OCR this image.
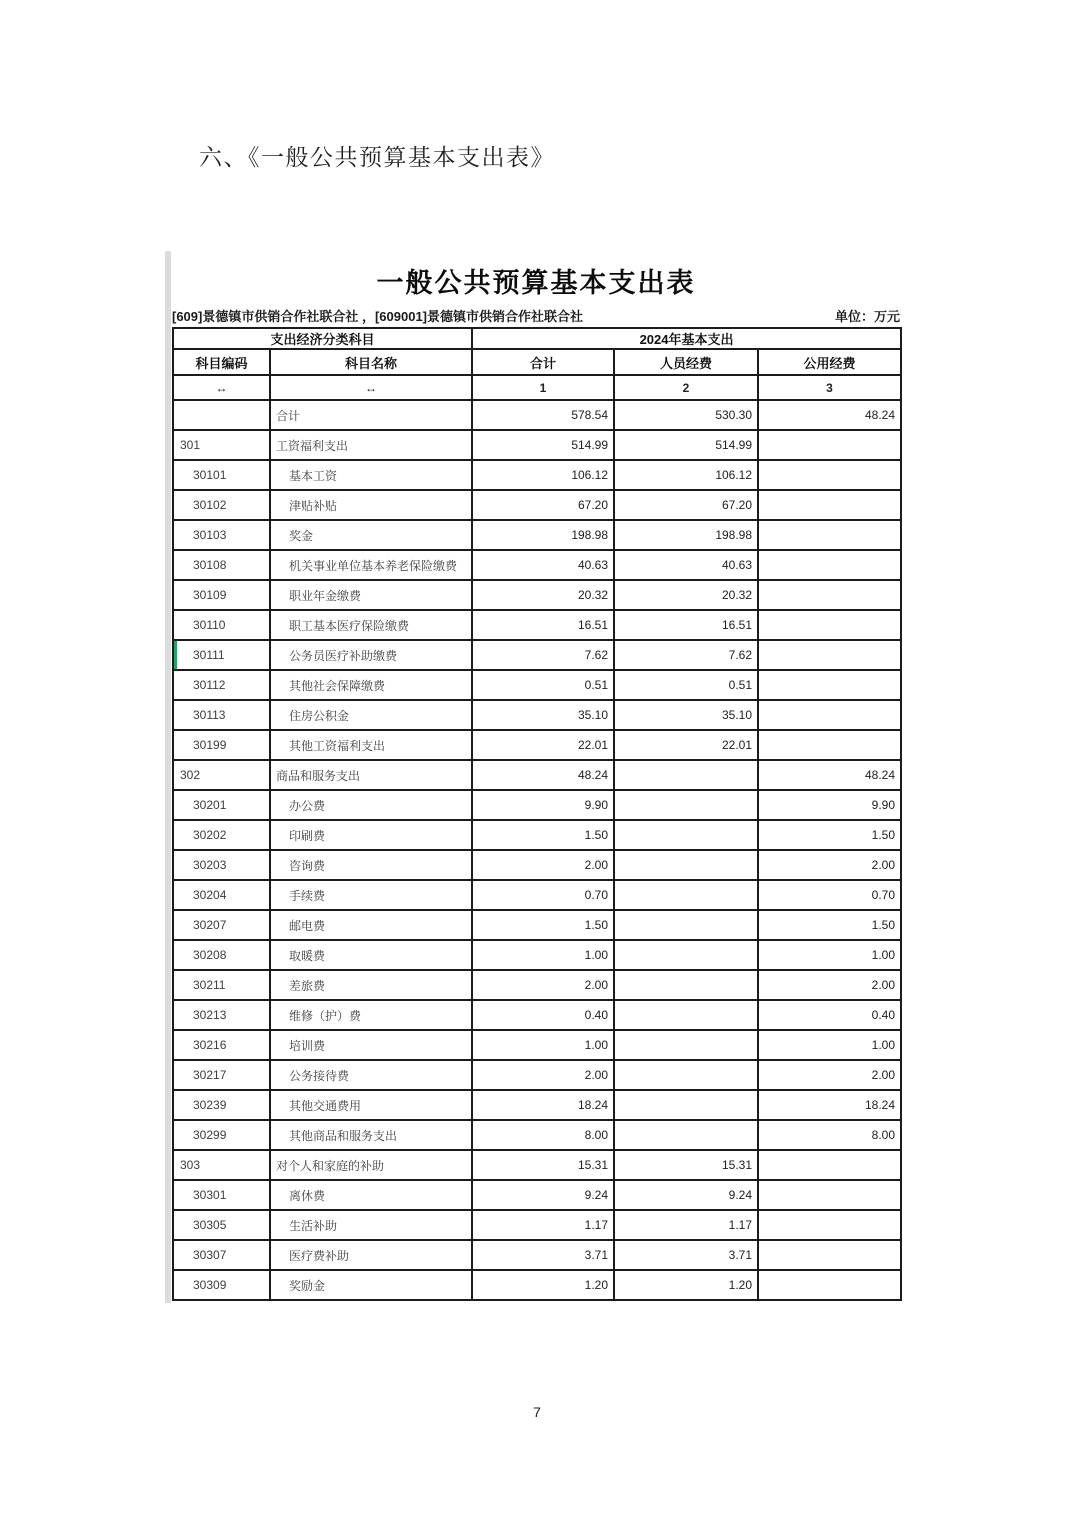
六、《一般公共预算基本支出表》
一般公共预算基本支出表
[609]景德镇市供销合作社联合社 ，[609001]景德镇市供销合作社联合社	单位：万元
支出经济分类科目		2024年基本支出		
科目编码	科目名称	合计	人员经费	公用经费
↔	↔	1	2	3
	合计	578.54	530.30	48.24
301	工资福利支出	514.99	514.99	
30101	基本工资	106.12	106.12	
30102	津贴补贴	67.20	67.20	
30103	奖金	198.98	198.98	
30108	机关事业单位基本养老保险缴费	40.63	40.63	
30109	职业年金缴费	20.32	20.32	
30110	职工基本医疗保险缴费	16.51	16.51	
30111	公务员医疗补助缴费	7.62	7.62	
30112	其他社会保障缴费	0.51	0.51	
30113	住房公积金	35.10	35.10	
30199	其他工资福利支出	22.01	22.01	
302	商品和服务支出	48.24		48.24
30201	办公费	9.90		9.90
30202	印刷费	1.50		1.50
30203	咨询费	2.00		2.00
30204	手续费	0.70		0.70
30207	邮电费	1.50		1.50
30208	取暖费	1.00		1.00
30211	差旅费	2.00		2.00
30213	维修（护）费	0.40		0.40
30216	培训费	1.00		1.00
30217	公务接待费	2.00		2.00
30239	其他交通费用	18.24		18.24
30299	其他商品和服务支出	8.00		8.00
303	对个人和家庭的补助	15.31	15.31	
30301	离休费	9.24	9.24	
30305	生活补助	1.17	1.17	
30307	医疗费补助	3.71	3.71	
30309	奖励金	1.20	1.20	
7
